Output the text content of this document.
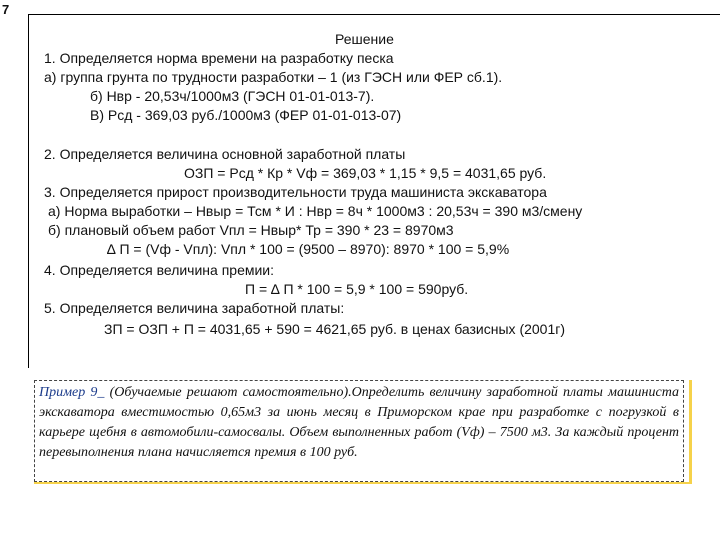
7
Решение
1. Определяется норма времени на разработку песка
а) группа грунта по трудности разработки – 1 (из ГЭСН или ФЕР сб.1).
б) Нвр - 20,53ч/1000м3 (ГЭСН 01-01-013-7).
В) Рсд - 369,03 руб./1000м3 (ФЕР 01-01-013-07)
2. Определяется величина основной заработной платы
ОЗП = Рсд * Кр * Vф = 369,03 * 1,15 * 9,5 = 4031,65 руб.
3. Определяется прирост производительности труда машиниста экскаватора
а) Норма выработки – Нвыр = Тсм * И : Нвр = 8ч * 1000м3 : 20,53ч = 390 м3/смену
б) плановый объем работ Vпл = Нвыр* Тр = 390 * 23 = 8970м3
∆ П = (Vф - Vпл): Vпл * 100 = (9500 – 8970): 8970 * 100 = 5,9%
4. Определяется величина премии:
П = ∆ П * 100 = 5,9 * 100 = 590руб.
5. Определяется величина заработной платы:
ЗП = ОЗП + П = 4031,65 + 590 = 4621,65 руб. в ценах базисных (2001г)
Пример 9_ (Обучаемые решают самостоятельно).Определить величину заработной платы машиниста экскаватора вместимостью 0,65м3 за июнь месяц в Приморском крае при разработке с погрузкой в карьере щебня в автомобили-самосвалы. Объем выполненных работ (Vф) – 7500 м3. За каждый процент перевыполнения плана начисляется премия в 100 руб.
